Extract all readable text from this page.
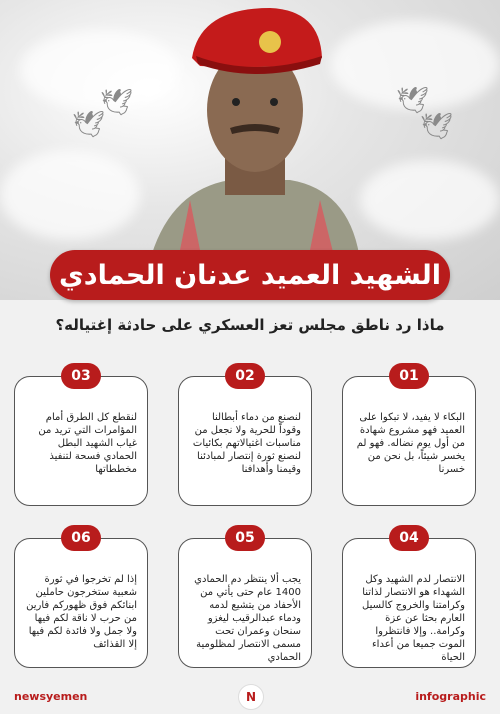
🕊
🕊
🕊
🕊
الشهيد العميد عدنان الحمادي
ماذا رد ناطق مجلس تعز العسكري على حادثة إغتياله؟
01
البكاء لا يفيد، لا تبكوا على العميد فهو مشروع شهادة من أول يوم نضاله. فهو لم يخسر شيئاً، بل نحن من خسرنا
02
لنصنع من دماء أبطالنا وقوداً للحرية ولا نجعل من مناسبات اغتيالاتهم بكائيات لنصنع ثورة إنتصار لمبادئنا وقيمنا وأهدافنا
03
لنقطع كل الطرق أمام المؤامرات التي تريد من غياب الشهيد البطل الحمادي فسحة لتنفيذ مخططاتها
04
الانتصار لدم الشهيد وكل الشهداء هو الانتصار لذاتنا وكرامتنا والخروج كالسيل العارم بحثا عن عزة وكرامة.. وإلا فانتظروا الموت جميعا من أعداء الحياة
05
يجب ألا ينتظر دم الحمادي 1400 عام حتى يأتي من الأحفاد من يتشيع لدمه ودماء عبدالرقيب ليغزو سنحان وعمران تحت مسمى الانتصار لمظلومية الحمادي
06
إذا لم تخرجوا في ثورة شعبية ستخرجون حاملين ابنائكم فوق ظهوركم فارين من حرب لا ناقة لكم فيها ولا جمل ولا فائدة لكم فيها إلا القذائف
newsyemen	N	infographic
